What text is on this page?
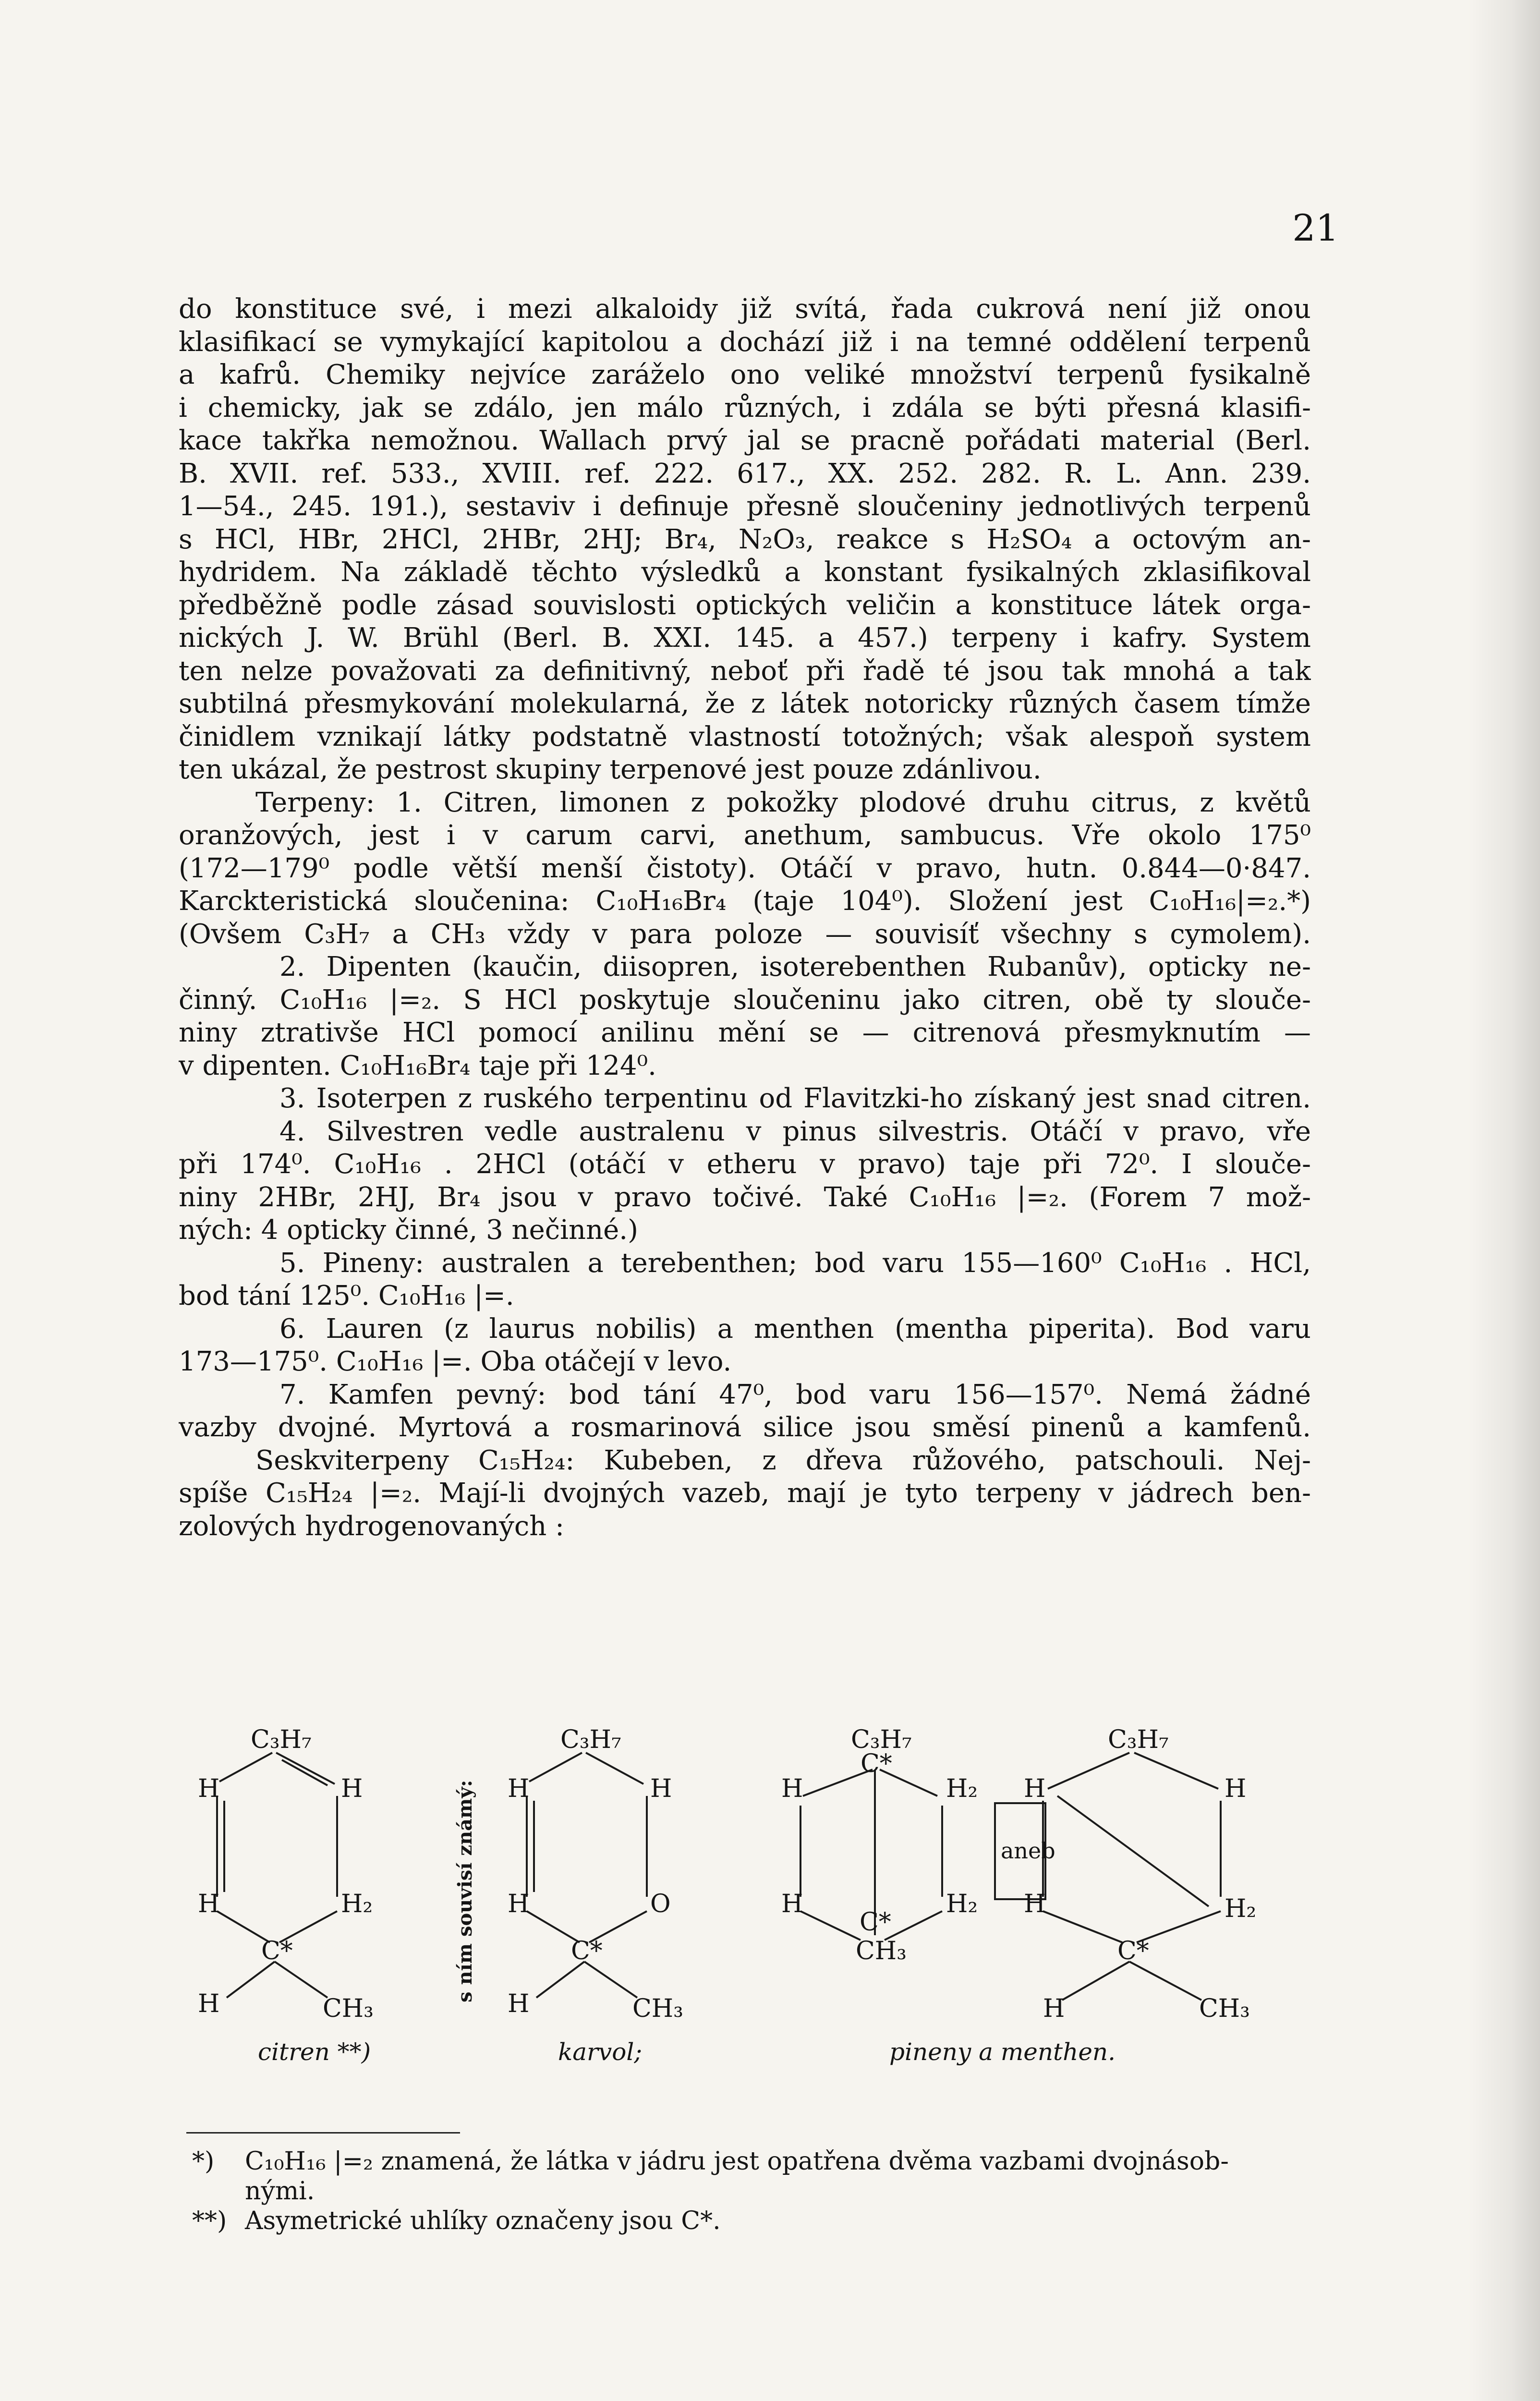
21
do konstituce své, i mezi alkaloidy již svítá, řada cukrová není již onou
klasifikací se vymykající kapitolou a dochází již i na temné oddělení terpenů
a kafrů. Chemiky nejvíce zaráželo ono veliké množství terpenů fysikalně
i chemicky, jak se zdálo, jen málo různých, i zdála se býti přesná klasifi-
kace takřka nemožnou. Wallach prvý jal se pracně pořádati material (Berl.
B. XVII. ref. 533., XVIII. ref. 222. 617., XX. 252. 282. R. L. Ann. 239.
1—54., 245. 191.), sestaviv i definuje přesně sloučeniny jednotlivých terpenů
s HCl, HBr, 2HCl, 2HBr, 2HJ; Br₄, N₂O₃, reakce s H₂SO₄ a octovým an-
hydridem. Na základě těchto výsledků a konstant fysikalných zklasifikoval
předběžně podle zásad souvislosti optických veličin a konstituce látek orga-
nických J. W. Brühl (Berl. B. XXI. 145. a 457.) terpeny i kafry. System
ten nelze považovati za definitivný, neboť při řadě té jsou tak mnohá a tak
subtilná přesmykování molekularná, že z látek notoricky různých časem tímže
činidlem vznikají látky podstatně vlastností totožných; však alespoň system
ten ukázal, že pestrost skupiny terpenové jest pouze zdánlivou.
Terpeny: 1. Citren, limonen z pokožky plodové druhu citrus, z květů
oranžových, jest i v carum carvi, anethum, sambucus. Vře okolo 175⁰
(172—179⁰ podle větší menší čistoty). Otáčí v pravo, hutn. 0.844—0·847.
Karckteristická sloučenina: C₁₀H₁₆Br₄ (taje 104⁰). Složení jest C₁₀H₁₆|=₂.*)
(Ovšem C₃H₇ a CH₃ vždy v para poloze — souvisíť všechny s cymolem).
2. Dipenten (kaučin, diisopren, isoterebenthen Rubanův), opticky ne-
činný. C₁₀H₁₆ |=₂. S HCl poskytuje sloučeninu jako citren, obě ty slouče-
niny ztrativše HCl pomocí anilinu mění se — citrenová přesmyknutím —
v dipenten. C₁₀H₁₆Br₄ taje při 124⁰.
3. Isoterpen z ruského terpentinu od Flavitzki-ho získaný jest snad citren.
4. Silvestren vedle australenu v pinus silvestris. Otáčí v pravo, vře
při 174⁰. C₁₀H₁₆ . 2HCl (otáčí v etheru v pravo) taje při 72⁰. I slouče-
niny 2HBr, 2HJ, Br₄ jsou v pravo točivé. Také C₁₀H₁₆ |=₂. (Forem 7 mož-
ných: 4 opticky činné, 3 nečinné.)
5. Pineny: australen a terebenthen; bod varu 155—160⁰ C₁₀H₁₆ . HCl,
bod tání 125⁰. C₁₀H₁₆ |=.
6. Lauren (z laurus nobilis) a menthen (mentha piperita). Bod varu
173—175⁰. C₁₀H₁₆ |=. Oba otáčejí v levo.
7. Kamfen pevný: bod tání 47⁰, bod varu 156—157⁰. Nemá žádné
vazby dvojné. Myrtová a rosmarinová silice jsou směsí pinenů a kamfenů.
Seskviterpeny C₁₅H₂₄: Kubeben, z dřeva růžového, patschouli. Nej-
spíše C₁₅H₂₄ |=₂. Mají-li dvojných vazeb, mají je tyto terpeny v jádrech ben-
zolových hydrogenovaných :
C₃H₇
H	H
H	H₂
C*
H	CH₃
C₃H₇
H	H
H	O
C*
H	CH₃
C₃H₇
C*
H	H₂
H
C*
H₂
CH₃
aneb
C₃H₇
H	H
H	H₂
C*
H	CH₃
citren **)	karvol;	pineny a menthen.
s ním souvisí známý:
*) C₁₀H₁₆ |=₂ znamená, že látka v jádru jest opatřena dvěma vazbami dvojnásob-
nými.
**) Asymetrické uhlíky označeny jsou C*.
